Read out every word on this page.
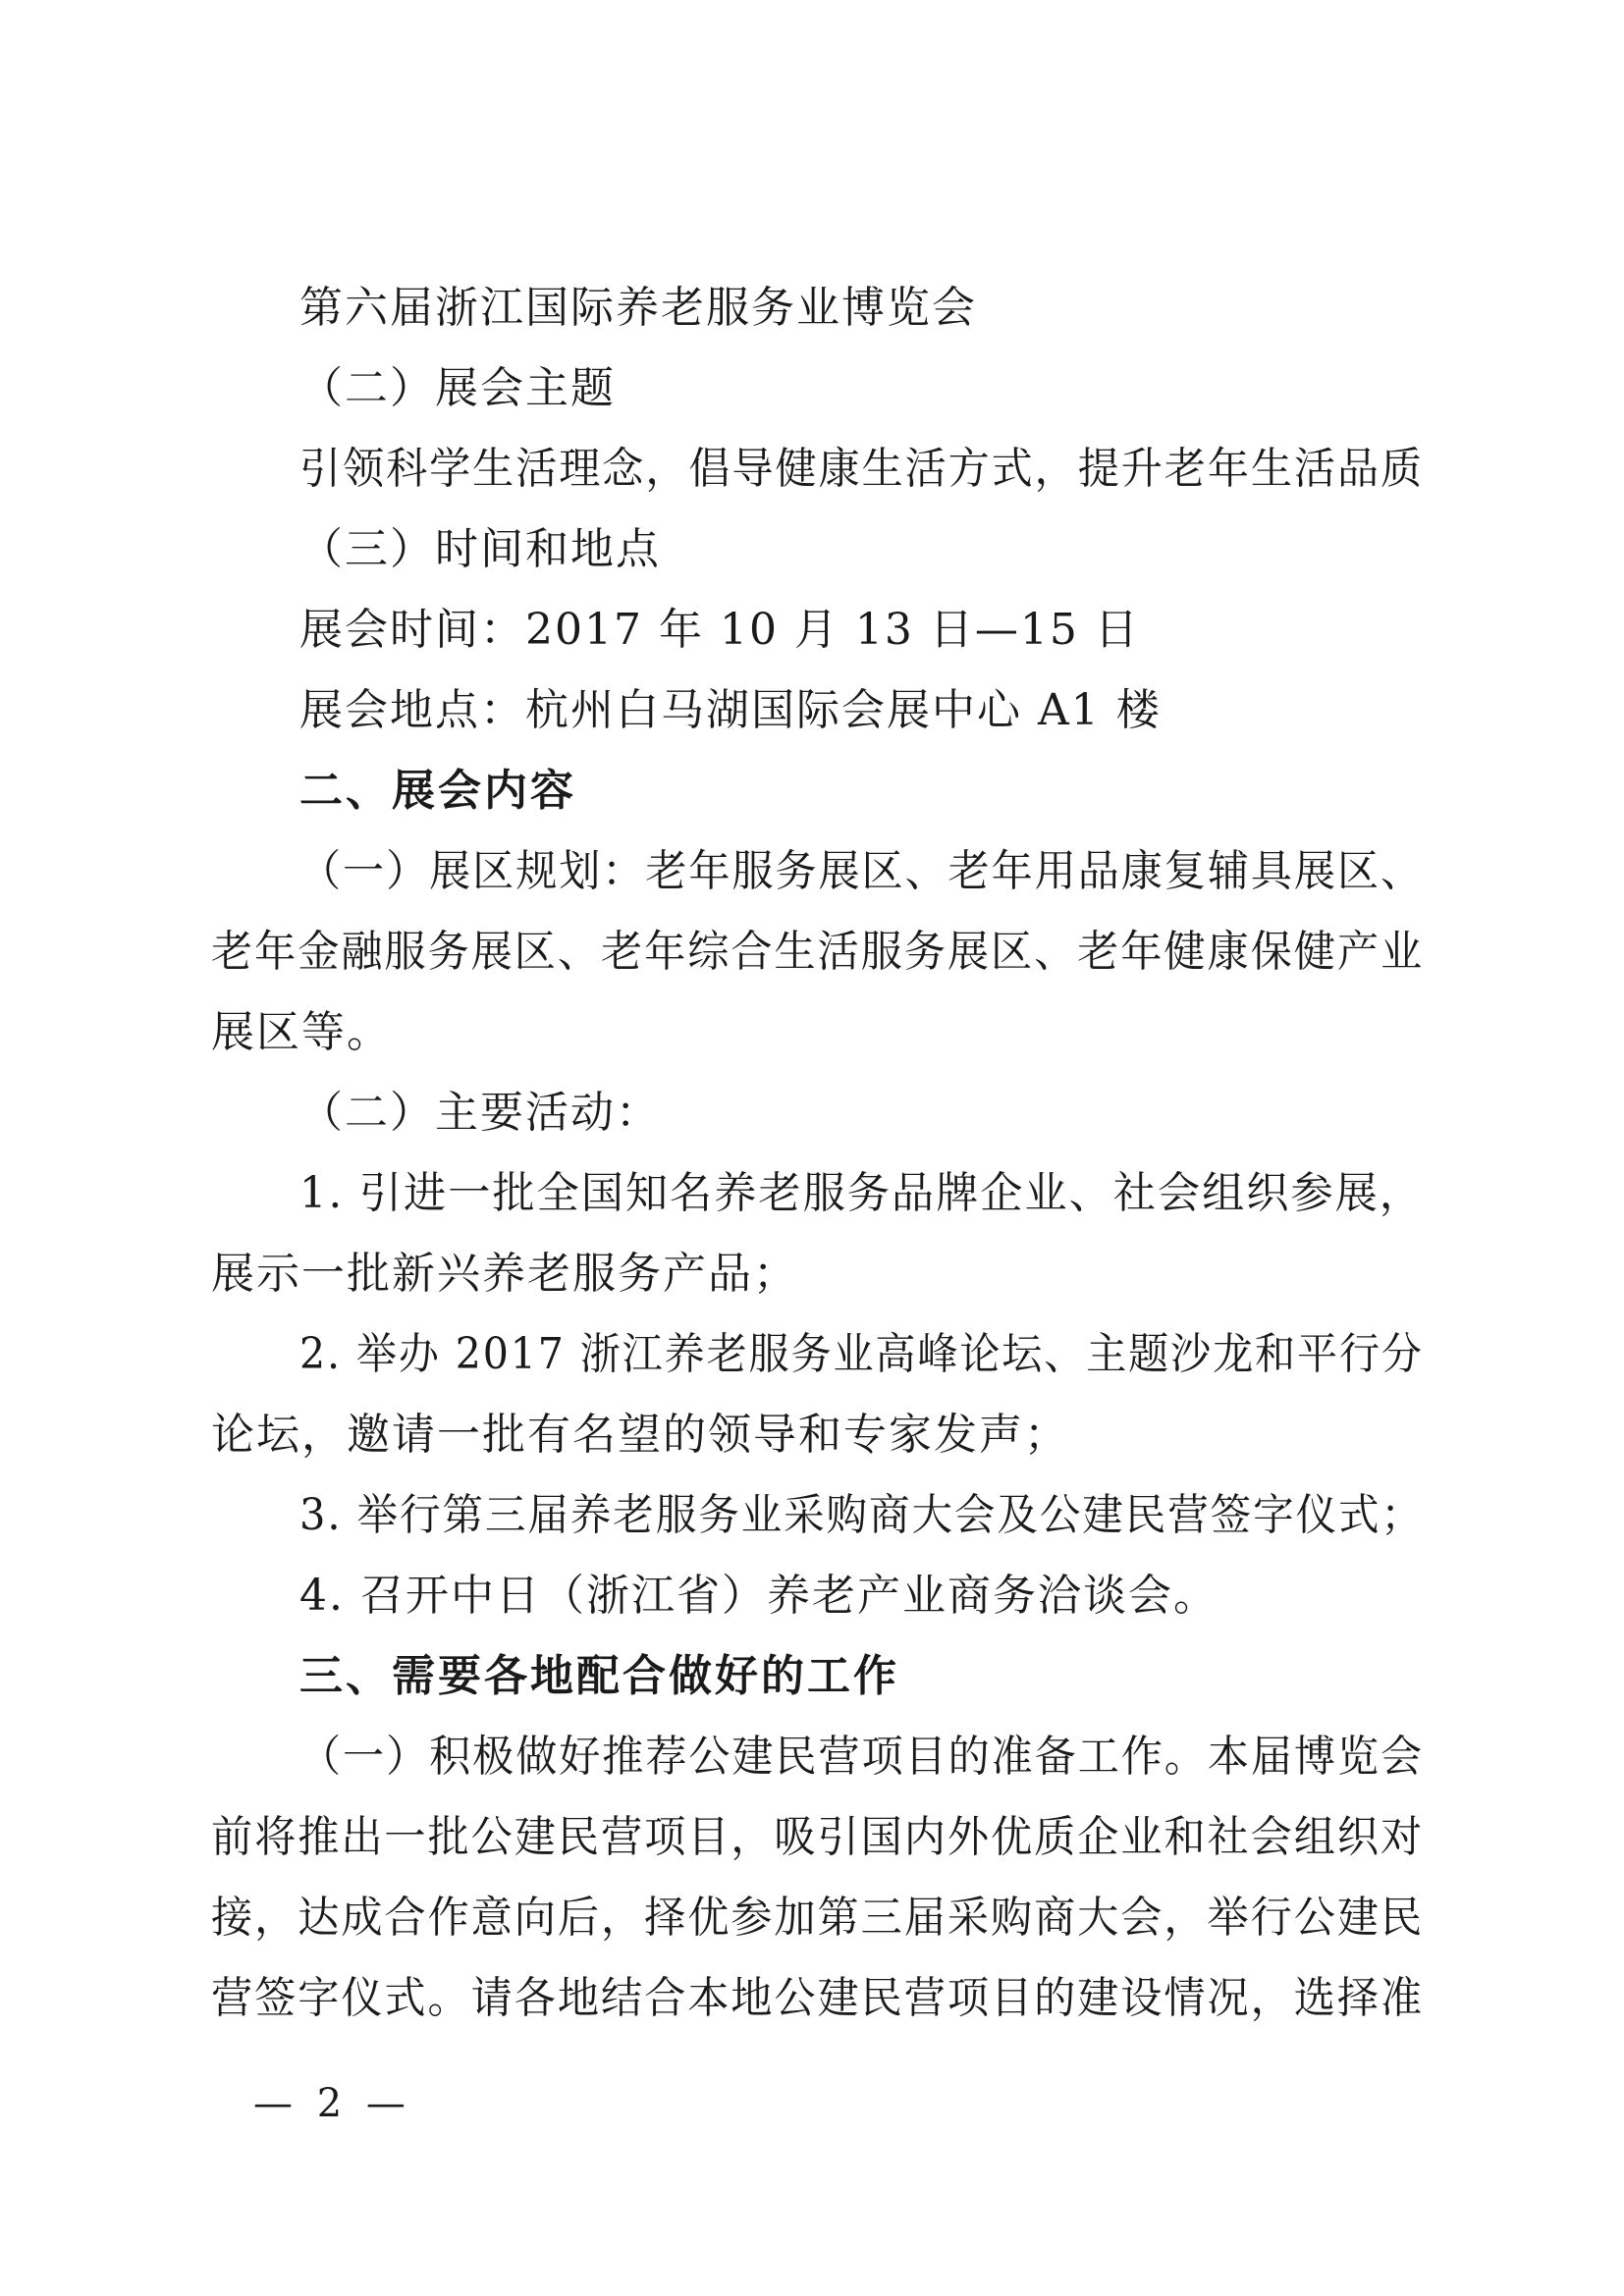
第六届浙江国际养老服务业博览会
（二）展会主题
引领科学生活理念，倡导健康生活方式，提升老年生活品质
（三）时间和地点
展会时间：2017 年 10 月 13 日—15 日
展会地点：杭州白马湖国际会展中心 A1 楼
二、展会内容
（一）展区规划：老年服务展区、老年用品康复辅具展区、
老年金融服务展区、老年综合生活服务展区、老年健康保健产业
展区等。
（二）主要活动：
1. 引进一批全国知名养老服务品牌企业、社会组织参展，
展示一批新兴养老服务产品；
2. 举办 2017 浙江养老服务业高峰论坛、主题沙龙和平行分
论坛，邀请一批有名望的领导和专家发声；
3. 举行第三届养老服务业采购商大会及公建民营签字仪式；
4. 召开中日（浙江省）养老产业商务洽谈会。
三、需要各地配合做好的工作
（一）积极做好推荐公建民营项目的准备工作。本届博览会
前将推出一批公建民营项目，吸引国内外优质企业和社会组织对
接，达成合作意向后，择优参加第三届采购商大会，举行公建民
营签字仪式。请各地结合本地公建民营项目的建设情况，选择准
— 2 —
